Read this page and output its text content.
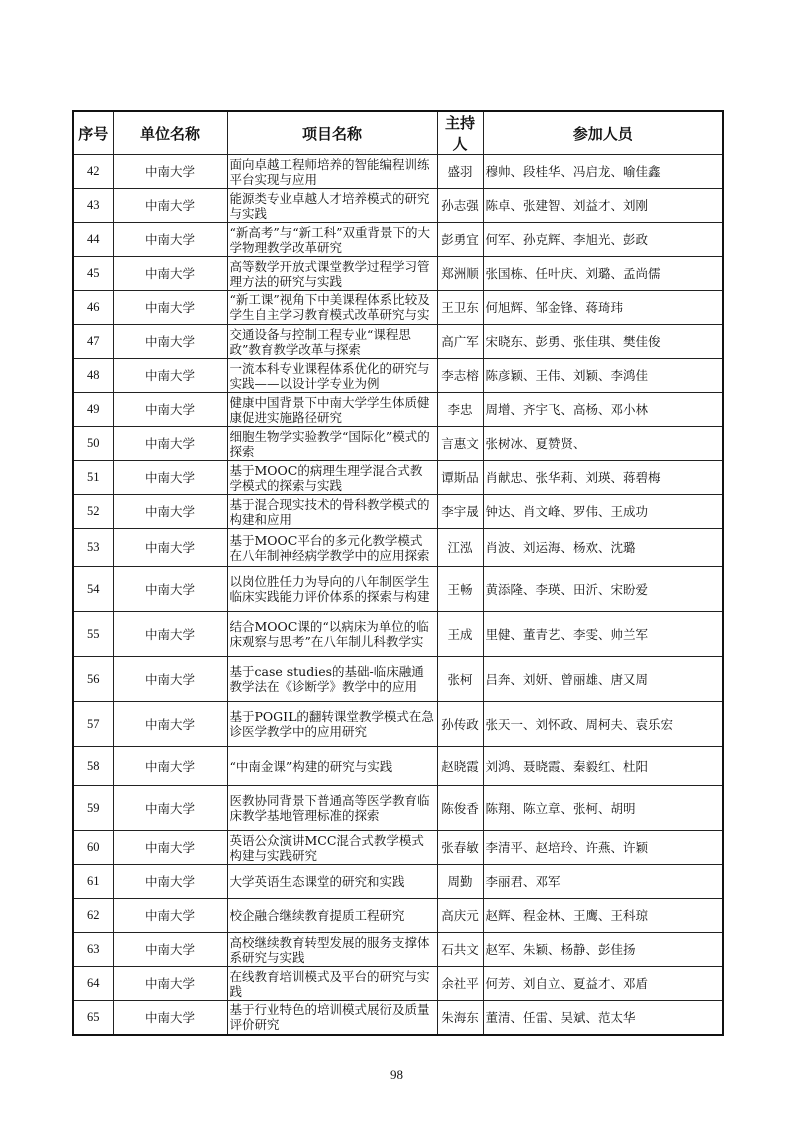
序号	单位名称	项目名称	主持人	参加人员
42	中南大学	面向卓越工程师培养的智能编程训练平台实现与应用	盛羽	穆帅、段桂华、冯启龙、喻佳鑫
43	中南大学	能源类专业卓越人才培养模式的研究与实践	孙志强	陈卓、张建智、刘益才、刘刚
44	中南大学	“新高考”与“新工科”双重背景下的大学物理教学改革研究	彭勇宜	何军、孙克辉、李旭光、彭政
45	中南大学	高等数学开放式课堂教学过程学习管理方法的研究与实践	郑洲顺	张国栋、任叶庆、刘璐、孟尚儒
46	中南大学	“新工课”视角下中美课程体系比较及学生自主学习教育模式改革研究与实	王卫东	何旭辉、邹金锋、蒋琦玮
47	中南大学	交通设备与控制工程专业“课程思政”教育教学改革与探索	高广军	宋晓东、彭勇、张佳琪、樊佳俊
48	中南大学	一流本科专业课程体系优化的研究与实践——以设计学专业为例	李志榕	陈彦颖、王伟、刘颖、李鸿佳
49	中南大学	健康中国背景下中南大学学生体质健康促进实施路径研究	李忠	周增、齐宇飞、高杨、邓小林
50	中南大学	细胞生物学实验教学“国际化”模式的探索	言惠文	张树冰、夏赞贤、
51	中南大学	基于MOOC的病理生理学混合式教学模式的探索与实践	谭斯品	肖献忠、张华莉、刘瑛、蒋碧梅
52	中南大学	基于混合现实技术的骨科教学模式的构建和应用	李宇晟	钟达、肖文峰、罗伟、王成功
53	中南大学	基于MOOC平台的多元化教学模式在八年制神经病学教学中的应用探索	江泓	肖波、刘运海、杨欢、沈璐
54	中南大学	以岗位胜任力为导向的八年制医学生临床实践能力评价体系的探索与构建	王畅	黄添隆、李瑛、田沂、宋盼爱
55	中南大学	结合MOOC课的“以病床为单位的临床观察与思考”在八年制儿科教学实	王成	里健、董青艺、李雯、帅兰军
56	中南大学	基于case studies的基础-临床融通教学法在《诊断学》教学中的应用	张柯	吕奔、刘妍、曾丽雄、唐又周
57	中南大学	基于POGIL的翻转课堂教学模式在急诊医学教学中的应用研究	孙传政	张天一、刘怀政、周柯夫、袁乐宏
58	中南大学	“中南金课”构建的研究与实践	赵晓霞	刘鸿、聂晓霞、秦毅红、杜阳
59	中南大学	医教协同背景下普通高等医学教育临床教学基地管理标准的探索	陈俊香	陈翔、陈立章、张柯、胡明
60	中南大学	英语公众演讲MCC混合式教学模式构建与实践研究	张春敏	李清平、赵培玲、许燕、许颖
61	中南大学	大学英语生态课堂的研究和实践	周勤	李丽君、邓军
62	中南大学	校企融合继续教育提质工程研究	高庆元	赵辉、程金林、王鹰、王科琼
63	中南大学	高校继续教育转型发展的服务支撑体系研究与实践	石共文	赵军、朱颖、杨静、彭佳扬
64	中南大学	在线教育培训模式及平台的研究与实践	余社平	何芳、刘自立、夏益才、邓盾
65	中南大学	基于行业特色的培训模式展衍及质量评价研究	朱海东	董清、任雷、吴斌、范太华
98
